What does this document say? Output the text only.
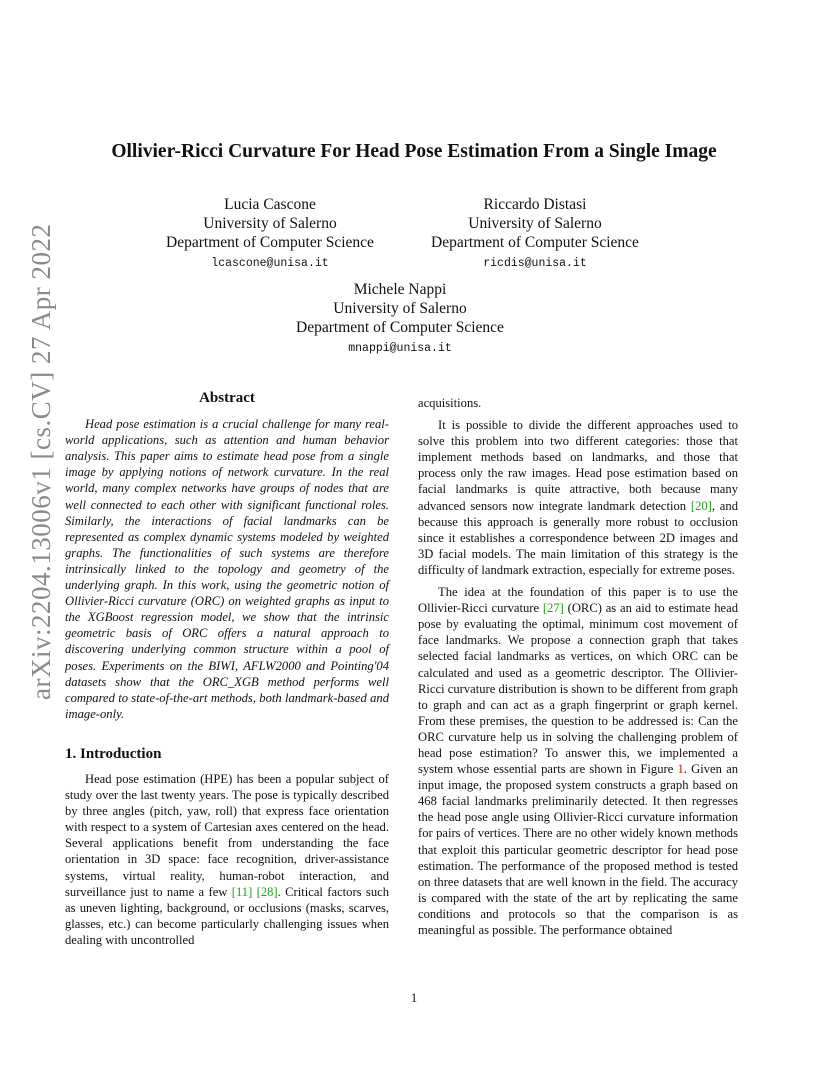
arXiv:2204.13006v1 [cs.CV] 27 Apr 2022
Ollivier-Ricci Curvature For Head Pose Estimation From a Single Image
Lucia Cascone
University of Salerno
Department of Computer Science
lcascone@unisa.it
Riccardo Distasi
University of Salerno
Department of Computer Science
ricdis@unisa.it
Michele Nappi
University of Salerno
Department of Computer Science
mnappi@unisa.it
Abstract

Head pose estimation is a crucial challenge for many real-world applications, such as attention and human behavior analysis. This paper aims to estimate head pose from a single image by applying notions of network curvature. In the real world, many complex networks have groups of nodes that are well connected to each other with significant functional roles. Similarly, the interactions of facial landmarks can be represented as complex dynamic systems modeled by weighted graphs. The functionalities of such systems are therefore intrinsically linked to the topology and geometry of the underlying graph. In this work, using the geometric notion of Ollivier-Ricci curvature (ORC) on weighted graphs as input to the XGBoost regression model, we show that the intrinsic geometric basis of ORC offers a natural approach to discovering underlying common structure within a pool of poses. Experiments on the BIWI, AFLW2000 and Pointing'04 datasets show that the ORC_XGB method performs well compared to state-of-the-art methods, both landmark-based and image-only.

1. Introduction

Head pose estimation (HPE) has been a popular subject of study over the last twenty years. The pose is typically described by three angles (pitch, yaw, roll) that express face orientation with respect to a system of Cartesian axes centered on the head. Several applications benefit from understanding the face orientation in 3D space: face recognition, driver-assistance systems, virtual reality, human-robot interaction, and surveillance just to name a few [11] [28]. Critical factors such as uneven lighting, background, or occlusions (masks, scarves, glasses, etc.) can become particularly challenging issues when dealing with uncontrolled

acquisitions.

It is possible to divide the different approaches used to solve this problem into two different categories: those that implement methods based on landmarks, and those that process only the raw images. Head pose estimation based on facial landmarks is quite attractive, both because many advanced sensors now integrate landmark detection [20], and because this approach is generally more robust to occlusion since it establishes a correspondence between 2D images and 3D facial models. The main limitation of this strategy is the difficulty of landmark extraction, especially for extreme poses.

The idea at the foundation of this paper is to use the Ollivier-Ricci curvature [27] (ORC) as an aid to estimate head pose by evaluating the optimal, minimum cost movement of face landmarks. We propose a connection graph that takes selected facial landmarks as vertices, on which ORC can be calculated and used as a geometric descriptor. The Ollivier-Ricci curvature distribution is shown to be different from graph to graph and can act as a graph fingerprint or graph kernel. From these premises, the question to be addressed is: Can the ORC curvature help us in solving the challenging problem of head pose estimation? To answer this, we implemented a system whose essential parts are shown in Figure 1. Given an input image, the proposed system constructs a graph based on 468 facial landmarks preliminarily detected. It then regresses the head pose angle using Ollivier-Ricci curvature information for pairs of vertices. There are no other widely known methods that exploit this particular geometric descriptor for head pose estimation. The performance of the proposed method is tested on three datasets that are well known in the field. The accuracy is compared with the state of the art by replicating the same conditions and protocols so that the comparison is as meaningful as possible. The performance obtained

1
